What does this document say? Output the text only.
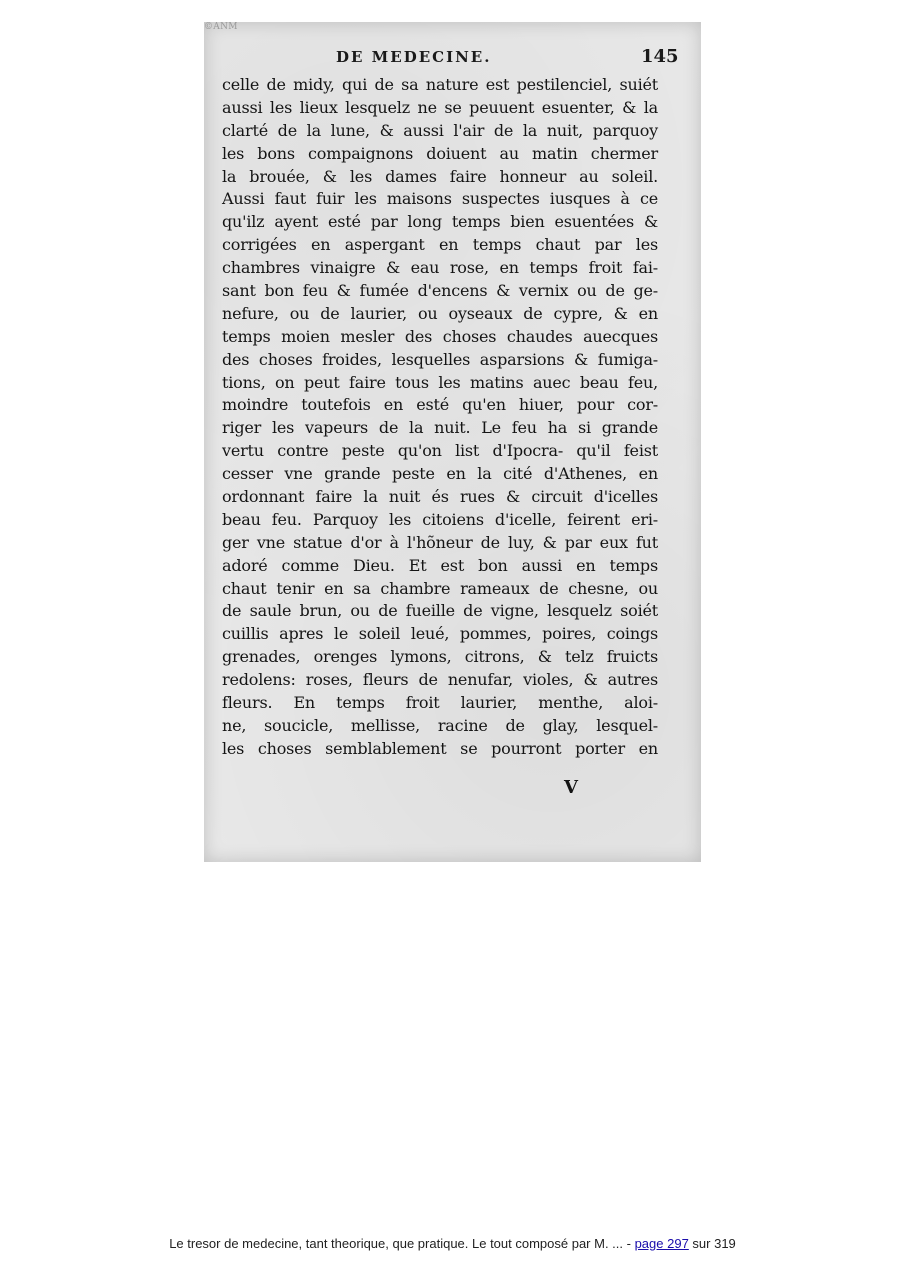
©ANM
DE MEDECINE.	145
celle de midy, qui de sa nature est pestilenciel, suiét
aussi les lieux lesquelz ne se peuuent esuenter, & la
clarté de la lune, & aussi l'air de la nuit, parquoy
les bons compaignons doiuent au matin chermer
la brouée, & les dames faire honneur au soleil.
Aussi faut fuir les maisons suspectes iusques à ce
qu'ilz ayent esté par long temps bien esuentées &
corrigées en aspergant en temps chaut par les
chambres vinaigre & eau rose, en temps froit fai-
sant bon feu & fumée d'encens & vernix ou de ge-
nefure, ou de laurier, ou oyseaux de cypre, & en
temps moien mesler des choses chaudes auecques
des choses froides, lesquelles asparsions & fumiga-
tions, on peut faire tous les matins auec beau feu,
moindre toutefois en esté qu'en hiuer, pour cor-
riger les vapeurs de la nuit. Le feu ha si grande
vertu contre peste qu'on list d'Ipocra- qu'il feist
cesser vne grande peste en la cité d'Athenes, en
ordonnant faire la nuit és rues & circuit d'icelles
beau feu. Parquoy les citoiens d'icelle, feirent eri-
ger vne statue d'or à l'hõneur de luy, & par eux fut
adoré comme Dieu. Et est bon aussi en temps
chaut tenir en sa chambre rameaux de chesne, ou
de saule brun, ou de fueille de vigne, lesquelz soiét
cuillis apres le soleil leué, pommes, poires, coings
grenades, orenges lymons, citrons, & telz fruicts
redolens: roses, fleurs de nenufar, violes, & autres
fleurs. En temps froit laurier, menthe, aloi-
ne, soucicle, mellisse, racine de glay, lesquel-
les choses semblablement se pourront porter en
V
Le tresor de medecine, tant theorique, que pratique. Le tout composé par M. ... - page 297 sur 319
